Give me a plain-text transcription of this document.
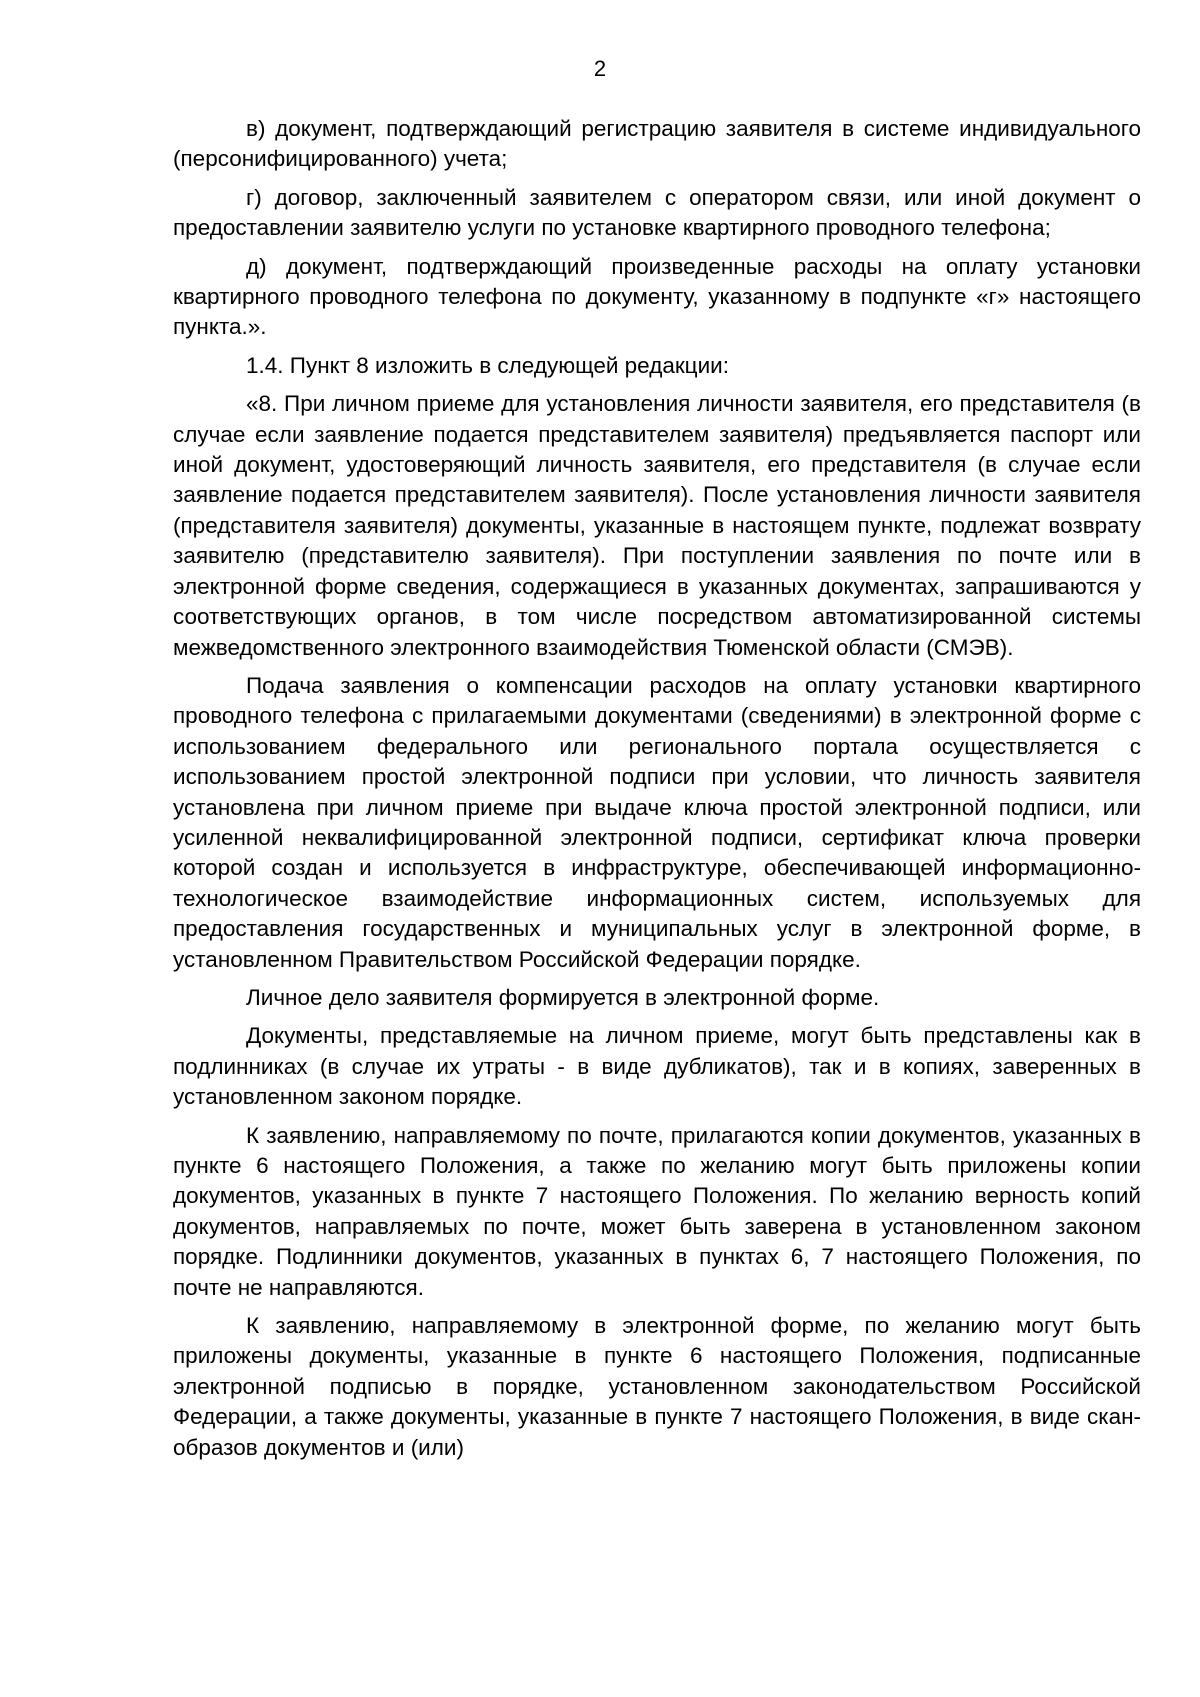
2

в) документ, подтверждающий регистрацию заявителя в системе индивидуального (персонифицированного) учета;

г) договор, заключенный заявителем с оператором связи, или иной документ о предоставлении заявителю услуги по установке квартирного проводного телефона;

д) документ, подтверждающий произведенные расходы на оплату установки квартирного проводного телефона по документу, указанному в подпункте «г» настоящего пункта.».

1.4. Пункт 8 изложить в следующей редакции:

«8. При личном приеме для установления личности заявителя, его представителя (в случае если заявление подается представителем заявителя) предъявляется паспорт или иной документ, удостоверяющий личность заявителя, его представителя (в случае если заявление подается представителем заявителя). После установления личности заявителя (представителя заявителя) документы, указанные в настоящем пункте, подлежат возврату заявителю (представителю заявителя). При поступлении заявления по почте или в электронной форме сведения, содержащиеся в указанных документах, запрашиваются у соответствующих органов, в том числе посредством автоматизированной системы межведомственного электронного взаимодействия Тюменской области (СМЭВ).

Подача заявления о компенсации расходов на оплату установки квартирного проводного телефона с прилагаемыми документами (сведениями) в электронной форме с использованием федерального или регионального портала осуществляется с использованием простой электронной подписи при условии, что личность заявителя установлена при личном приеме при выдаче ключа простой электронной подписи, или усиленной неквалифицированной электронной подписи, сертификат ключа проверки которой создан и используется в инфраструктуре, обеспечивающей информационно-технологическое взаимодействие информационных систем, используемых для предоставления государственных и муниципальных услуг в электронной форме, в установленном Правительством Российской Федерации порядке.

Личное дело заявителя формируется в электронной форме.

Документы, представляемые на личном приеме, могут быть представлены как в подлинниках (в случае их утраты - в виде дубликатов), так и в копиях, заверенных в установленном законом порядке.

К заявлению, направляемому по почте, прилагаются копии документов, указанных в пункте 6 настоящего Положения, а также по желанию могут быть приложены копии документов, указанных в пункте 7 настоящего Положения. По желанию верность копий документов, направляемых по почте, может быть заверена в установленном законом порядке. Подлинники документов, указанных в пунктах 6, 7 настоящего Положения, по почте не направляются.

К заявлению, направляемому в электронной форме, по желанию могут быть приложены документы, указанные в пункте 6 настоящего Положения, подписанные электронной подписью в порядке, установленном законодательством Российской Федерации, а также документы, указанные в пункте 7 настоящего Положения, в виде скан-образов документов и (или)
